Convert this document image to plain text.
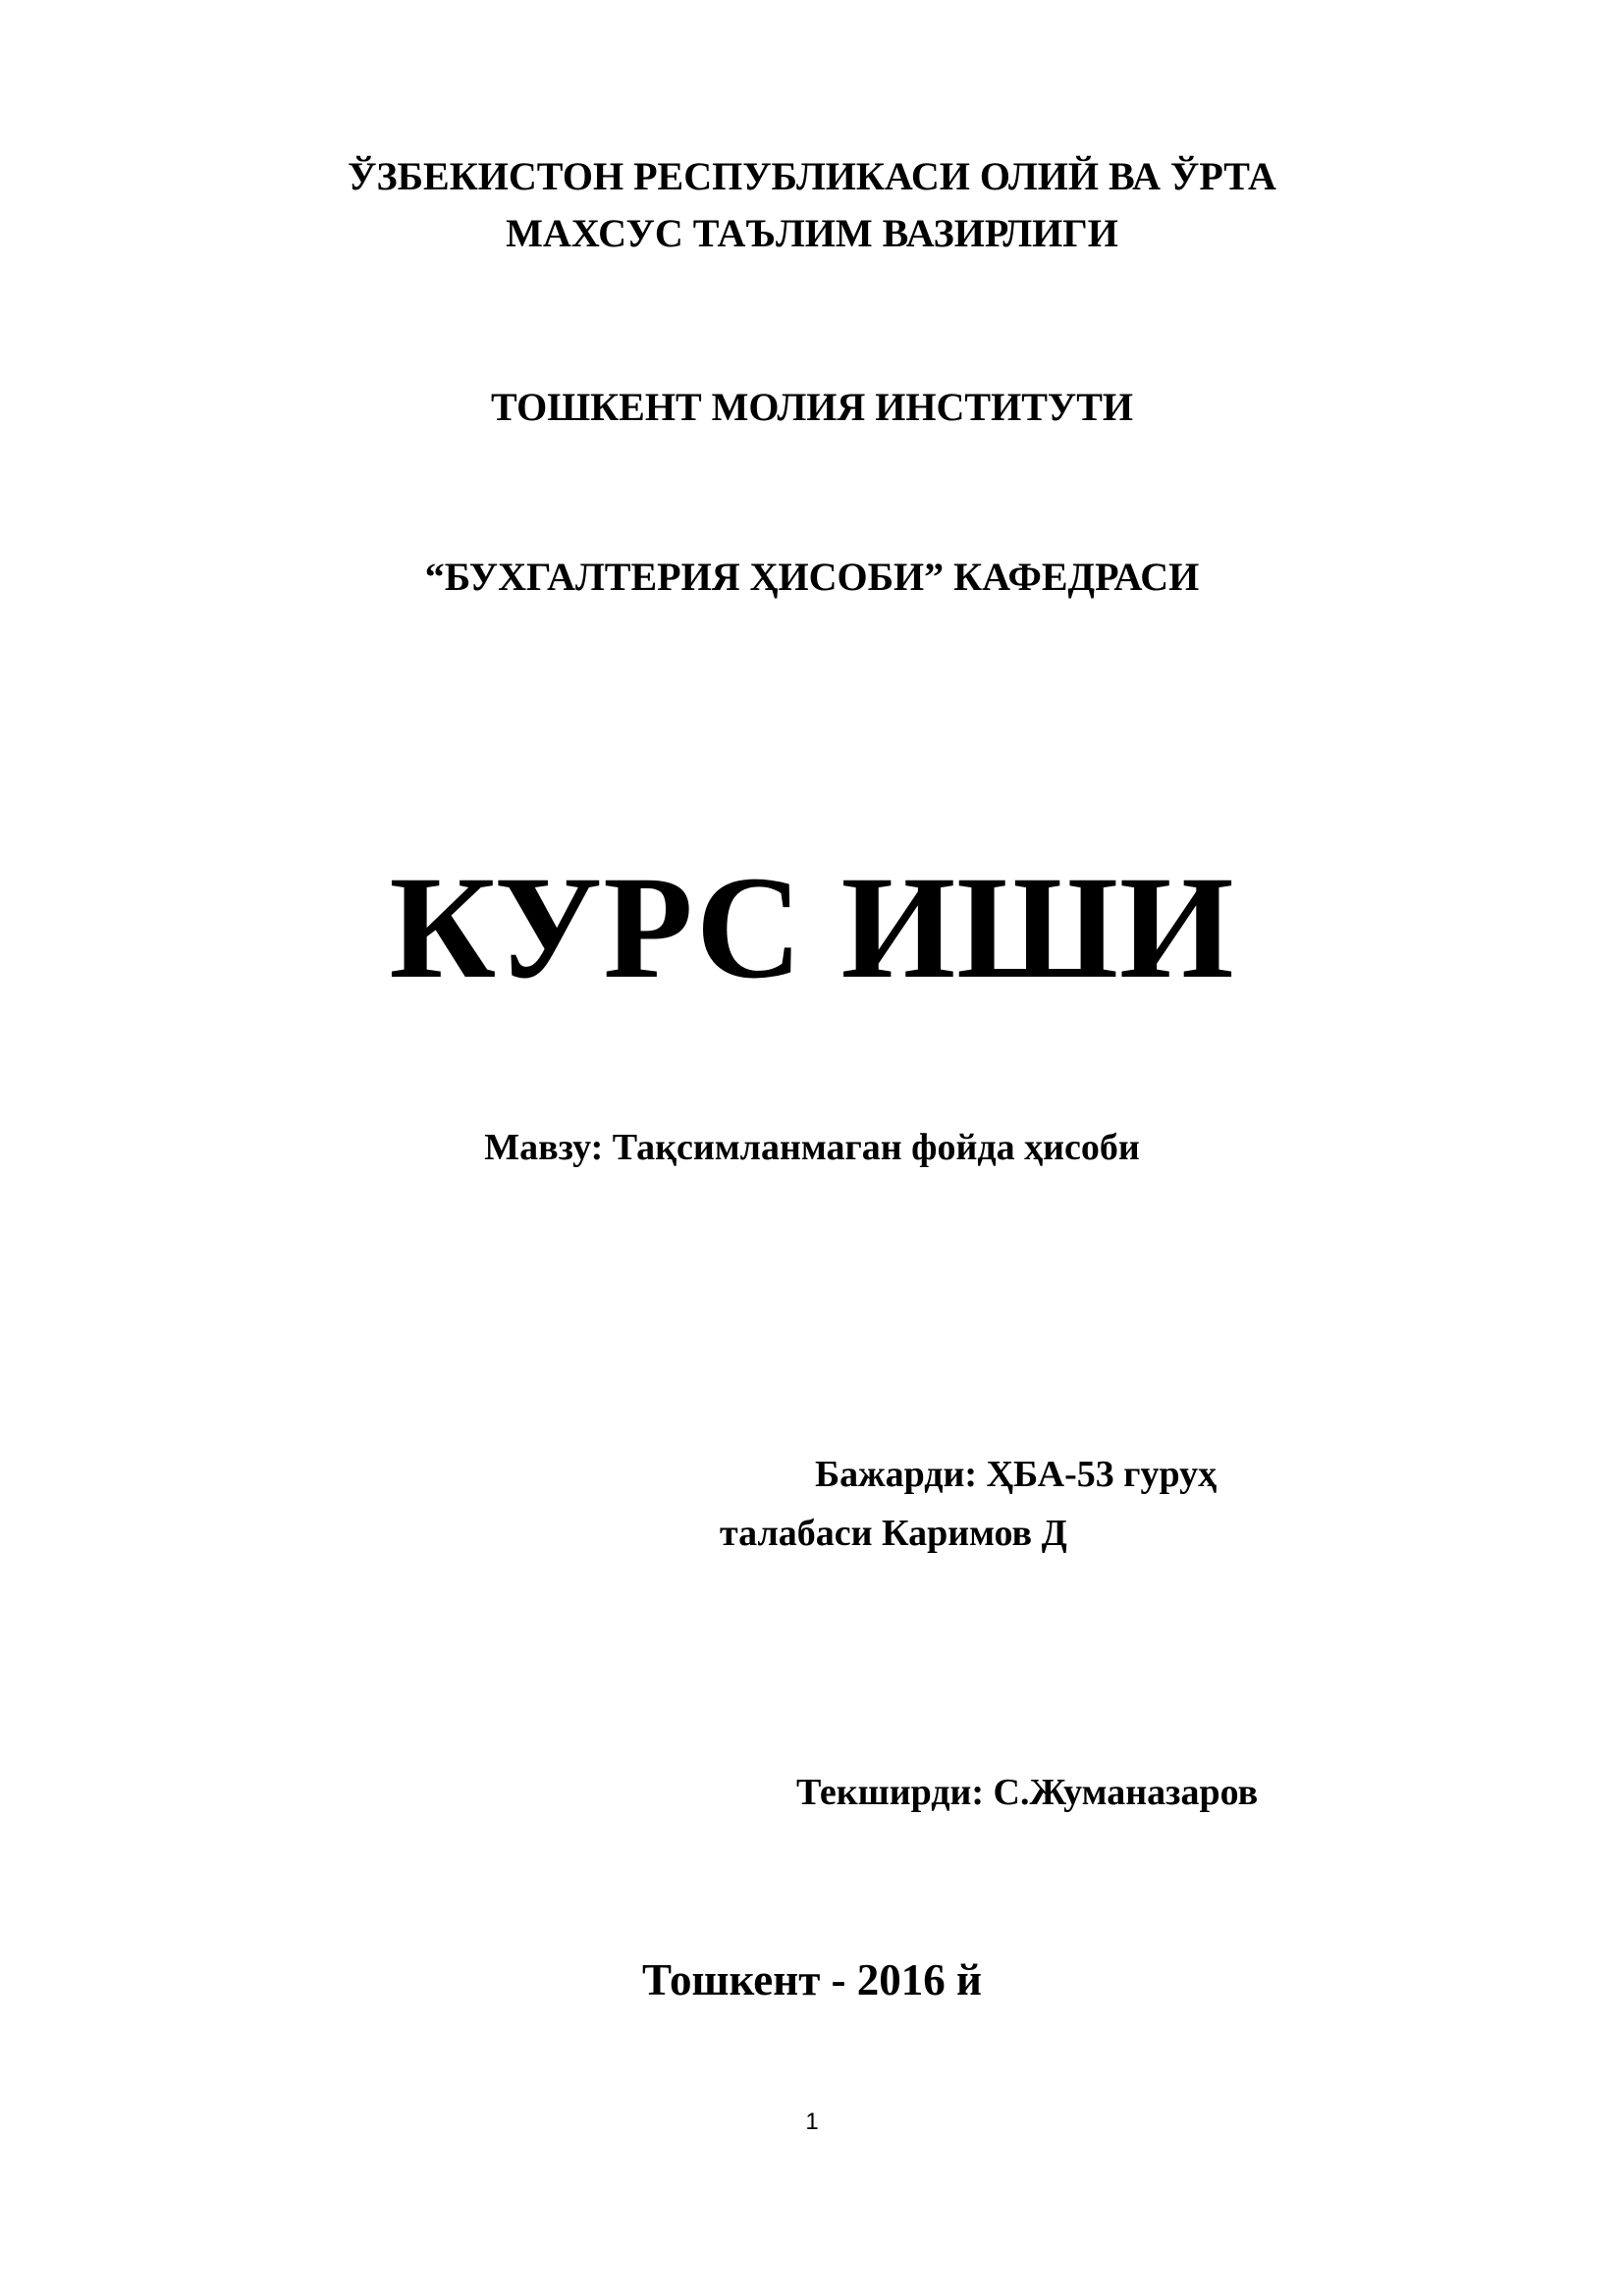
ЎЗБЕКИСТОН РЕСПУБЛИКАСИ ОЛИЙ ВА ЎРТА

МАХСУС ТАЪЛИМ ВАЗИРЛИГИ

ТОШКЕНТ МОЛИЯ ИНСТИТУТИ

“БУХГАЛТЕРИЯ ҲИСОБИ” КАФЕДРАСИ

КУРС ИШИ

Мавзу: Тақсимланмаган фойда ҳисоби

Бажарди: ҲБА-53 гуруҳ

талабаси Каримов Д

Текширди: С.Жуманазаров

Тошкент - 2016 й

1
